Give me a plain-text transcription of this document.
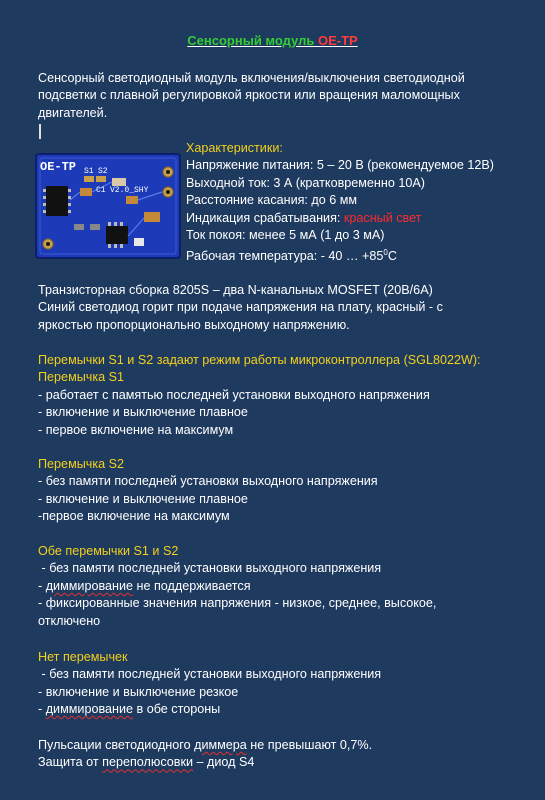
Сенсорный модуль OE-TP
Сенсорный светодиодный модуль включения/выключения светодиодной
подсветки с плавной регулировкой яркости или вращения маломощных
двигателей.
OE-TP S1 S2
C1 V2.0_SHY
Характеристики:
Напряжение питания: 5 – 20 В (рекомендуемое 12В)
Выходной ток: 3 А (кратковременно 10А)
Расстояние касания: до 6 мм
Индикация срабатывания: красный свет
Ток покоя: менее 5 мА (1 до 3 мА)
Рабочая температура: - 40 … $+85^0С$
Транзисторная сборка 8205S – два N-канальных MOSFET (20В/6А)
Синий светодиод горит при подаче напряжения на плату, красный - с
яркостью пропорционально выходному напряжению.
Перемычки S1 и S2 задают режим работы микроконтроллера (SGL8022W):
Перемычка S1
- работает с памятью последней установки выходного напряжения
- включение и выключение плавное
- первое включение на максимум
Перемычка S2
- без памяти последней установки выходного напряжения
- включение и выключение плавное
-первое включение на максимум
Обе перемычки S1 и S2
- без памяти последней установки выходного напряжения
- диммирование не поддерживается
- фиксированные значения напряжения - низкое, среднее, высокое,
отключено
Нет перемычек
- без памяти последней установки выходного напряжения
- включение и выключение резкое
- диммирование в обе стороны
Пульсации светодиодного диммера не превышают 0,7%.
Защита от переполюсовки – диод S4
